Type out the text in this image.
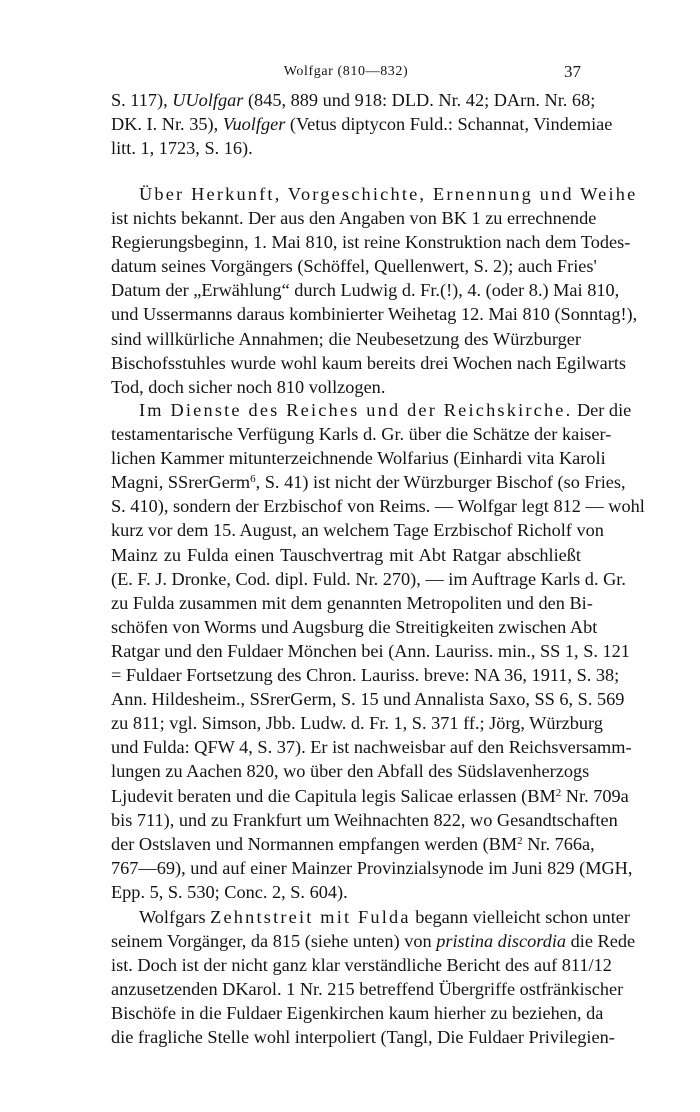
Wolfgar (810—832)	37
S. 117), UUolfgar (845, 889 und 918: DLD. Nr. 42; DArn. Nr. 68;
DK. I. Nr. 35), Vuolfger (Vetus diptycon Fuld.: Schannat, Vindemiae
litt. 1, 1723, S. 16).
Über Herkunft, Vorgeschichte, Ernennung und Weihe
ist nichts bekannt. Der aus den Angaben von BK 1 zu errechnende
Regierungsbeginn, 1. Mai 810, ist reine Konstruktion nach dem Todes-
datum seines Vorgängers (Schöffel, Quellenwert, S. 2); auch Fries'
Datum der „Erwählung“ durch Ludwig d. Fr.(!), 4. (oder 8.) Mai 810,
und Ussermanns daraus kombinierter Weihetag 12. Mai 810 (Sonntag!),
sind willkürliche Annahmen; die Neubesetzung des Würzburger
Bischofsstuhles wurde wohl kaum bereits drei Wochen nach Egilwarts
Tod, doch sicher noch 810 vollzogen.
Im Dienste des Reiches und der Reichskirche. Der die
testamentarische Verfügung Karls d. Gr. über die Schätze der kaiser-
lichen Kammer mitunterzeichnende Wolfarius (Einhardi vita Karoli
Magni, SSrerGerm$^6$, S. 41) ist nicht der Würzburger Bischof (so Fries,
S. 410), sondern der Erzbischof von Reims. — Wolfgar legt 812 — wohl
kurz vor dem 15. August, an welchem Tage Erzbischof Richolf von
Mainz zu Fulda einen Tauschvertrag mit Abt Ratgar abschließt
(E. F. J. Dronke, Cod. dipl. Fuld. Nr. 270), — im Auftrage Karls d. Gr.
zu Fulda zusammen mit dem genannten Metropoliten und den Bi-
schöfen von Worms und Augsburg die Streitigkeiten zwischen Abt
Ratgar und den Fuldaer Mönchen bei (Ann. Lauriss. min., SS 1, S. 121
= Fuldaer Fortsetzung des Chron. Lauriss. breve: NA 36, 1911, S. 38;
Ann. Hildesheim., SSrerGerm, S. 15 und Annalista Saxo, SS 6, S. 569
zu 811; vgl. Simson, Jbb. Ludw. d. Fr. 1, S. 371 ff.; Jörg, Würzburg
und Fulda: QFW 4, S. 37). Er ist nachweisbar auf den Reichsversamm-
lungen zu Aachen 820, wo über den Abfall des Südslavenherzogs
Ljudevit beraten und die Capitula legis Salicae erlassen ($BM^2$ Nr. 709a
bis 711), und zu Frankfurt um Weihnachten 822, wo Gesandtschaften
der Ostslaven und Normannen empfangen werden ($BM^2$ Nr. 766a,
767—69), und auf einer Mainzer Provinzialsynode im Juni 829 (MGH,
Epp. 5, S. 530; Conc. 2, S. 604).
Wolfgars Zehntstreit mit Fulda begann vielleicht schon unter
seinem Vorgänger, da 815 (siehe unten) von pristina discordia die Rede
ist. Doch ist der nicht ganz klar verständliche Bericht des auf 811/12
anzusetzenden DKarol. 1 Nr. 215 betreffend Übergriffe ostfränkischer
Bischöfe in die Fuldaer Eigenkirchen kaum hierher zu beziehen, da
die fragliche Stelle wohl interpoliert (Tangl, Die Fuldaer Privilegien-
